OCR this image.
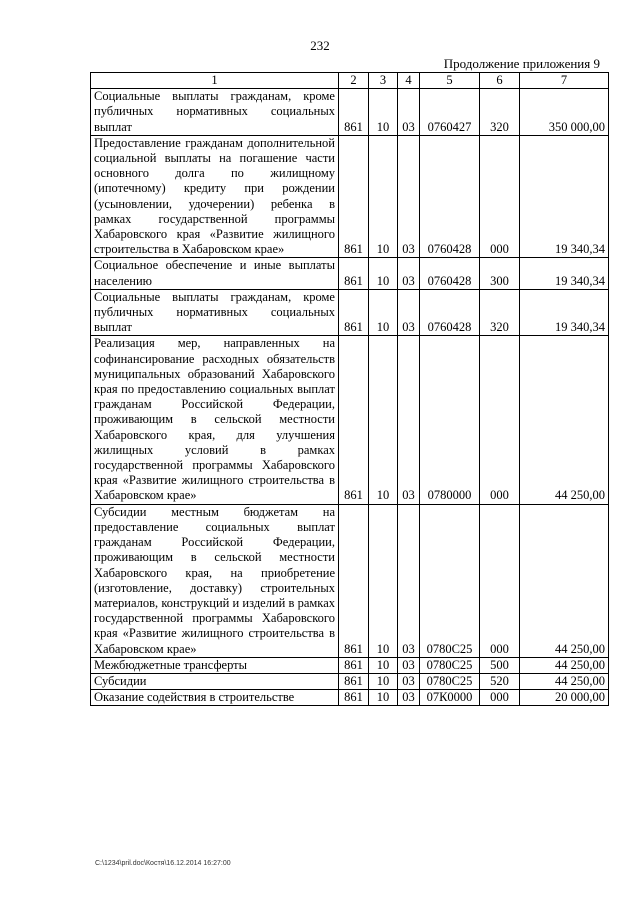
232
Продолжение приложения 9
1	2	3	4	5	6	7
Социальные выплаты гражданам, кроме публичных нормативных социальных выплат	861	10	03	0760427	320	350 000,00
Предоставление гражданам дополнительной социальной выплаты на погашение части основного долга по жилищному (ипотечному) кредиту при рождении (усыновлении, удочерении) ребенка в рамках государственной программы Хабаровского края «Развитие жилищного строительства в Хабаровском крае»	861	10	03	0760428	000	19 340,34
Социальное обеспечение и иные выплаты населению	861	10	03	0760428	300	19 340,34
Социальные выплаты гражданам, кроме публичных нормативных социальных выплат	861	10	03	0760428	320	19 340,34
Реализация мер, направленных на софинансирование расходных обязательств муниципальных образований Хабаровского края по предоставлению социальных выплат гражданам Российской Федерации, проживающим в сельской местности Хабаровского края, для улучшения жилищных условий в рамках государственной программы Хабаровского края «Развитие жилищного строительства в Хабаровском крае»	861	10	03	0780000	000	44 250,00
Субсидии местным бюджетам на предоставление социальных выплат гражданам Российской Федерации, проживающим в сельской местности Хабаровского края, на приобретение (изготовление, доставку) строительных материалов, конструкций и изделий в рамках государственной программы Хабаровского края «Развитие жилищного строительства в Хабаровском крае»	861	10	03	0780С25	000	44 250,00
Межбюджетные трансферты	861	10	03	0780С25	500	44 250,00
Субсидии	861	10	03	0780С25	520	44 250,00
Оказание содействия в строительстве	861	10	03	07К0000	000	20 000,00
C:\1234\pril.doc\Костя\16.12.2014 16:27:00
